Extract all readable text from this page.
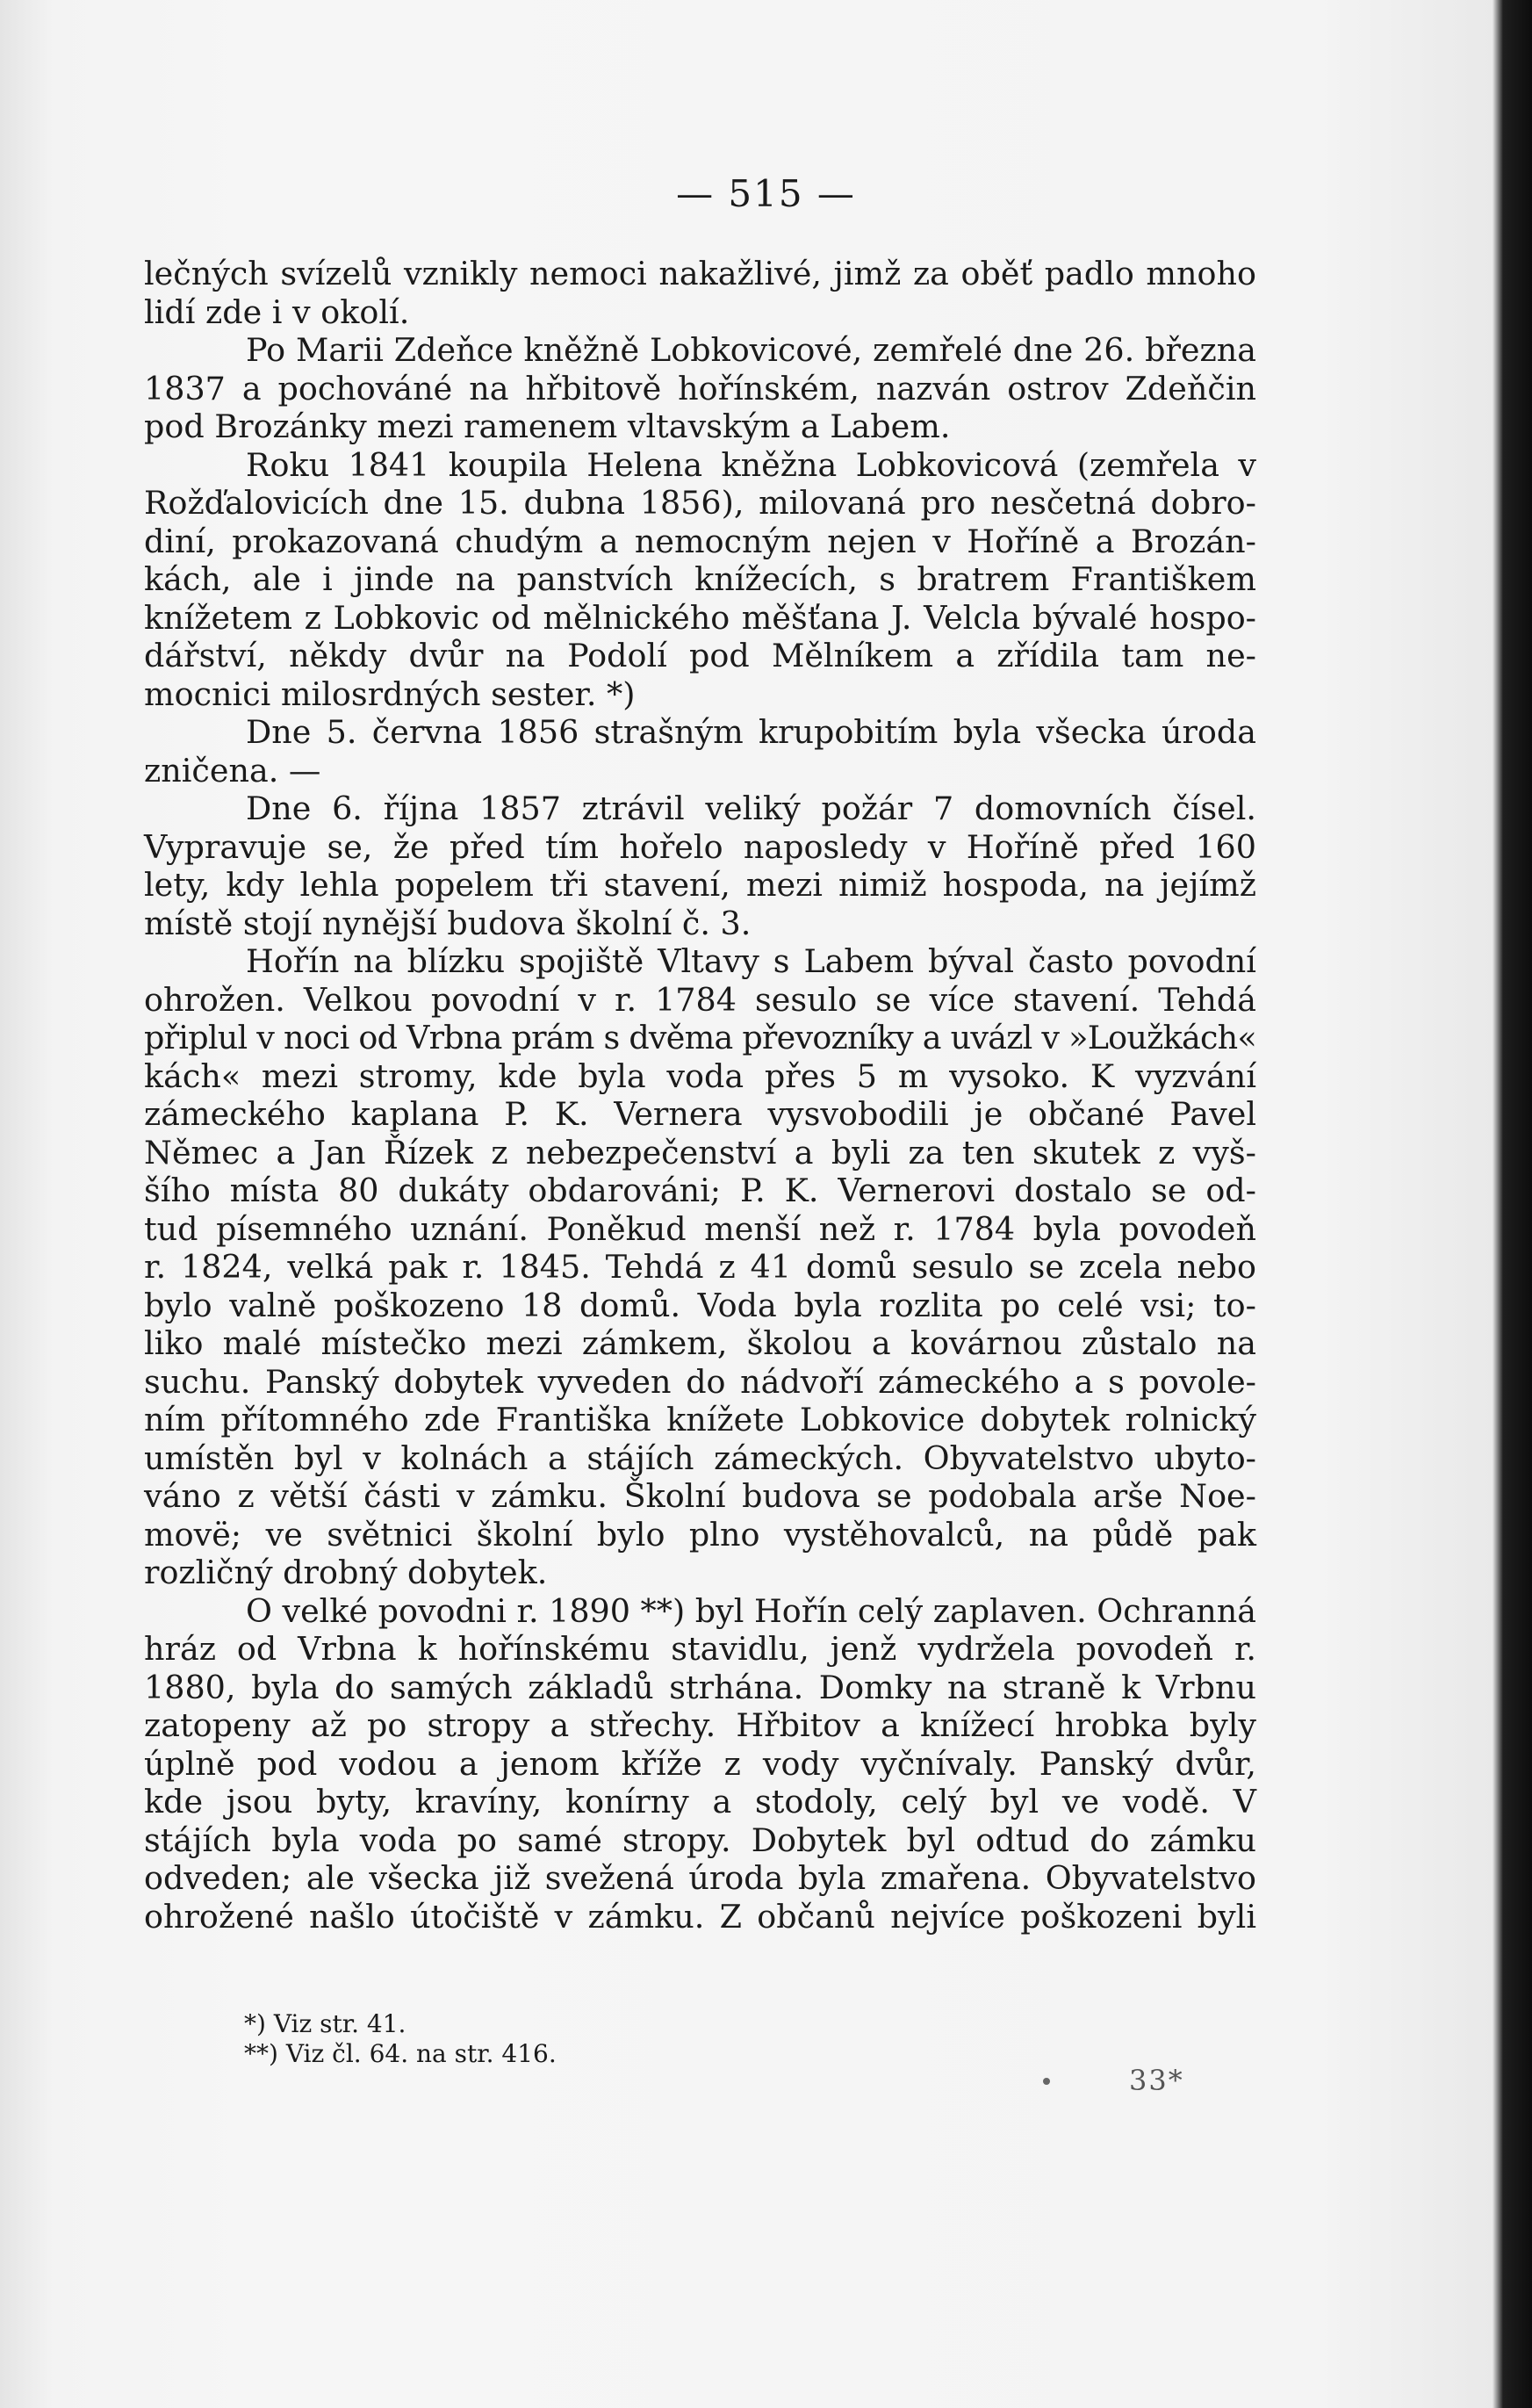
— 515 —
lečných svízelů vznikly nemoci nakažlivé, jimž za oběť padlo mnoho
lidí zde i v okolí.
Po Marii Zdeňce kněžně Lobkovicové, zemřelé dne 26. března
1837 a pochováné na hřbitově hořínském, nazván ostrov Zdeňčin
pod Brozánky mezi ramenem vltavským a Labem.
Roku 1841 koupila Helena kněžna Lobkovicová (zemřela v
Rožďalovicích dne 15. dubna 1856), milovaná pro nesčetná dobro-
diní, prokazovaná chudým a nemocným nejen v Hoříně a Brozán-
kách, ale i jinde na panstvích knížecích, s bratrem Františkem
knížetem z Lobkovic od mělnického měšťana J. Velcla bývalé hospo-
dářství, někdy dvůr na Podolí pod Mělníkem a zřídila tam ne-
mocnici milosrdných sester. *)
Dne 5. června 1856 strašným krupobitím byla všecka úroda
zničena. —
Dne 6. října 1857 ztrávil veliký požár 7 domovních čísel.
Vypravuje se, že před tím hořelo naposledy v Hoříně před 160
lety, kdy lehla popelem tři stavení, mezi nimiž hospoda, na jejímž
místě stojí nynější budova školní č. 3.
Hořín na blízku spojiště Vltavy s Labem býval často povodní
ohrožen. Velkou povodní v r. 1784 sesulo se více stavení. Tehdá
připlul v noci od Vrbna prám s dvěma převozníky a uvázl v »Loužkách«
kách« mezi stromy, kde byla voda přes 5 m vysoko. K vyzvání
zámeckého kaplana P. K. Vernera vysvobodili je občané Pavel
Němec a Jan Řízek z nebezpečenství a byli za ten skutek z vyš-
šího místa 80 dukáty obdarováni; P. K. Vernerovi dostalo se od-
tud písemného uznání. Poněkud menší než r. 1784 byla povodeň
r. 1824, velká pak r. 1845. Tehdá z 41 domů sesulo se zcela nebo
bylo valně poškozeno 18 domů. Voda byla rozlita po celé vsi; to-
liko malé místečko mezi zámkem, školou a kovárnou zůstalo na
suchu. Panský dobytek vyveden do nádvoří zámeckého a s povole-
ním přítomného zde Františka knížete Lobkovice dobytek rolnický
umístěn byl v kolnách a stájích zámeckých. Obyvatelstvo ubyto-
váno z větší části v zámku. Školní budova se podobala arše Noe-
movë; ve světnici školní bylo plno vystěhovalců, na půdě pak
rozličný drobný dobytek.
O velké povodni r. 1890 **) byl Hořín celý zaplaven. Ochranná
hráz od Vrbna k hořínskému stavidlu, jenž vydržela povodeň r.
1880, byla do samých základů strhána. Domky na straně k Vrbnu
zatopeny až po stropy a střechy. Hřbitov a knížecí hrobka byly
úplně pod vodou a jenom kříže z vody vyčnívaly. Panský dvůr,
kde jsou byty, kravíny, konírny a stodoly, celý byl ve vodě. V
stájích byla voda po samé stropy. Dobytek byl odtud do zámku
odveden; ale všecka již svežená úroda byla zmařena. Obyvatelstvo
ohrožené našlo útočiště v zámku. Z občanů nejvíce poškozeni byli
*) Viz str. 41.
**) Viz čl. 64. na str. 416.
33*
